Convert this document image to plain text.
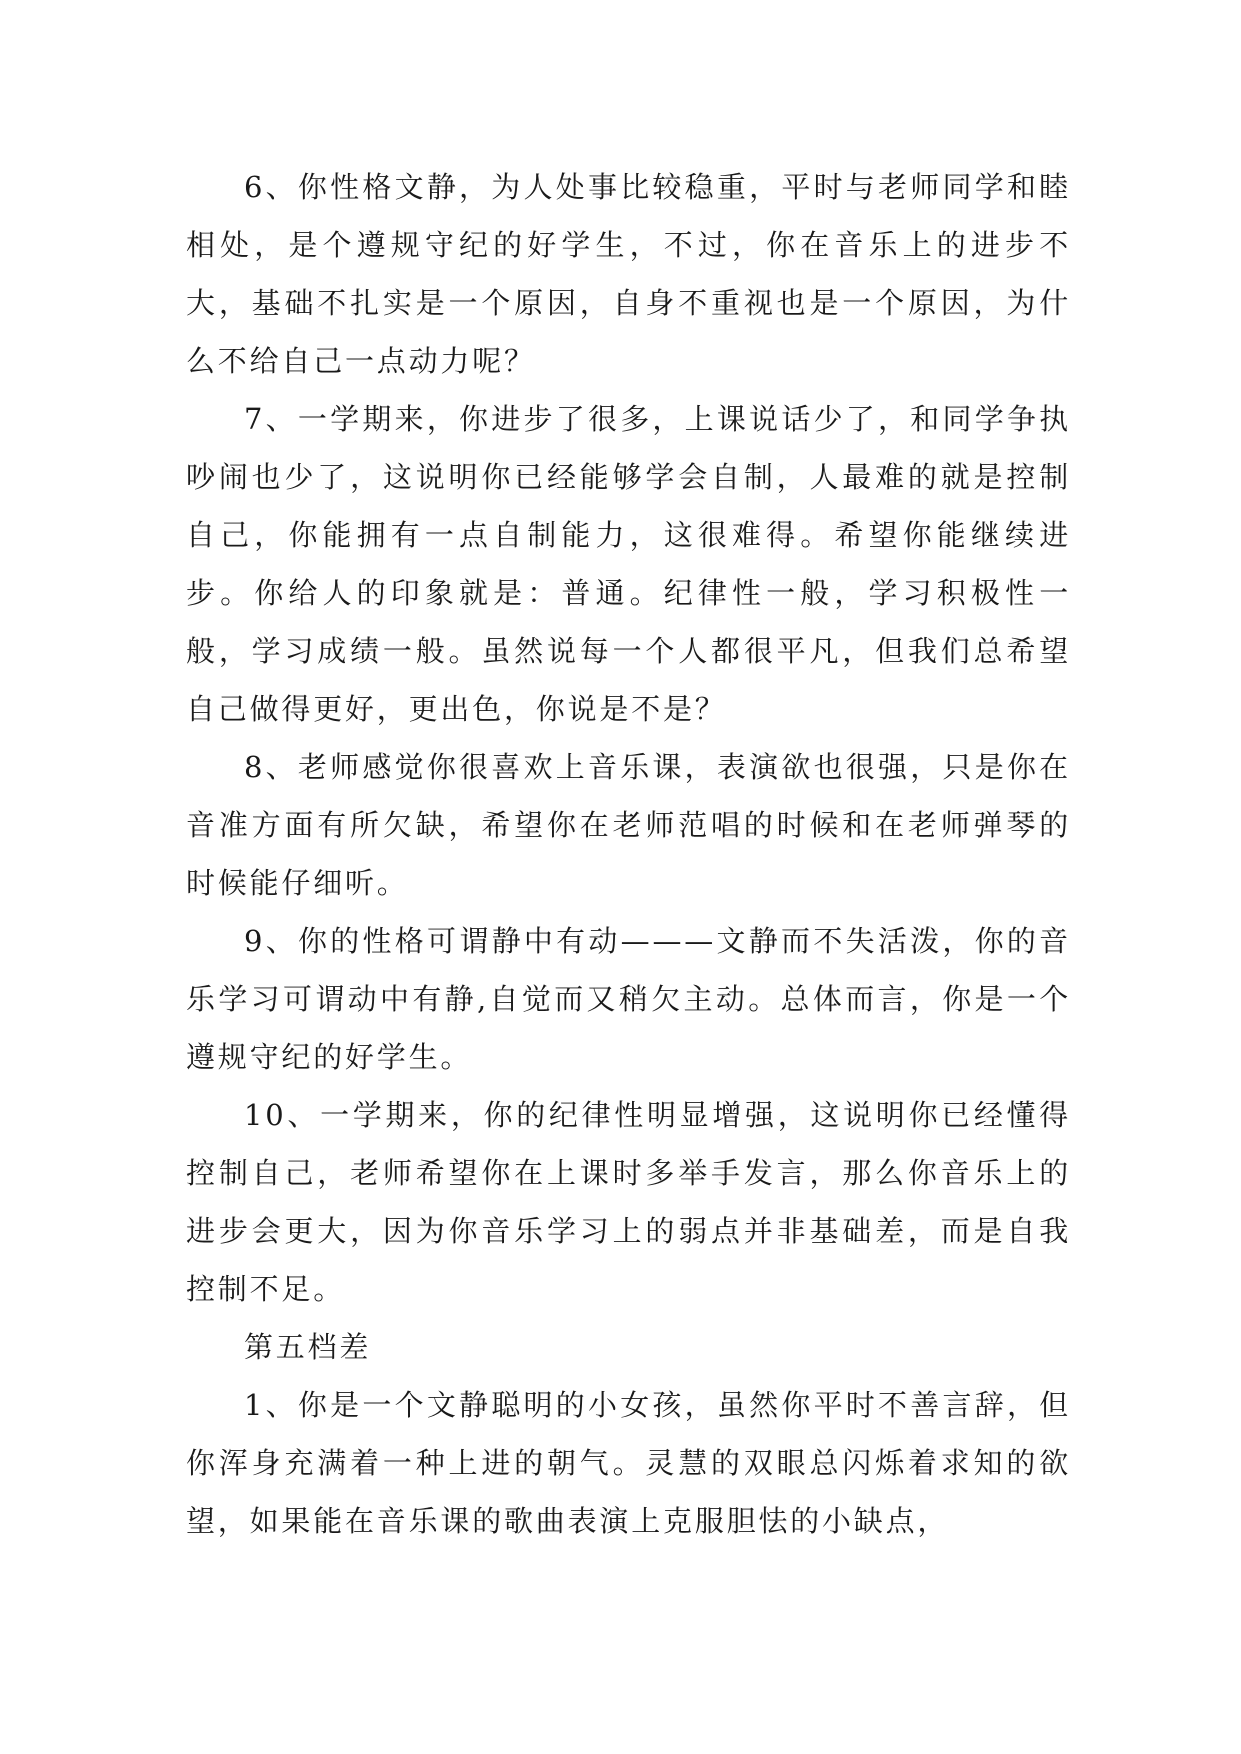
6、你性格文静，为人处事比较稳重，平时与老师同学和睦相处，是个遵规守纪的好学生，不过，你在音乐上的进步不大，基础不扎实是一个原因，自身不重视也是一个原因，为什么不给自己一点动力呢？

7、一学期来，你进步了很多，上课说话少了，和同学争执吵闹也少了，这说明你已经能够学会自制，人最难的就是控制自己，你能拥有一点自制能力，这很难得。希望你能继续进步。你给人的印象就是：普通。纪律性一般，学习积极性一般，学习成绩一般。虽然说每一个人都很平凡，但我们总希望自己做得更好，更出色，你说是不是？

8、老师感觉你很喜欢上音乐课，表演欲也很强，只是你在音准方面有所欠缺，希望你在老师范唱的时候和在老师弹琴的时候能仔细听。

9、你的性格可谓静中有动———文静而不失活泼，你的音乐学习可谓动中有静,自觉而又稍欠主动。总体而言，你是一个遵规守纪的好学生。

10、一学期来，你的纪律性明显增强，这说明你已经懂得控制自己，老师希望你在上课时多举手发言，那么你音乐上的进步会更大，因为你音乐学习上的弱点并非基础差，而是自我控制不足。

第五档差

1、你是一个文静聪明的小女孩，虽然你平时不善言辞，但你浑身充满着一种上进的朝气。灵慧的双眼总闪烁着求知的欲望，如果能在音乐课的歌曲表演上克服胆怯的小缺点，
